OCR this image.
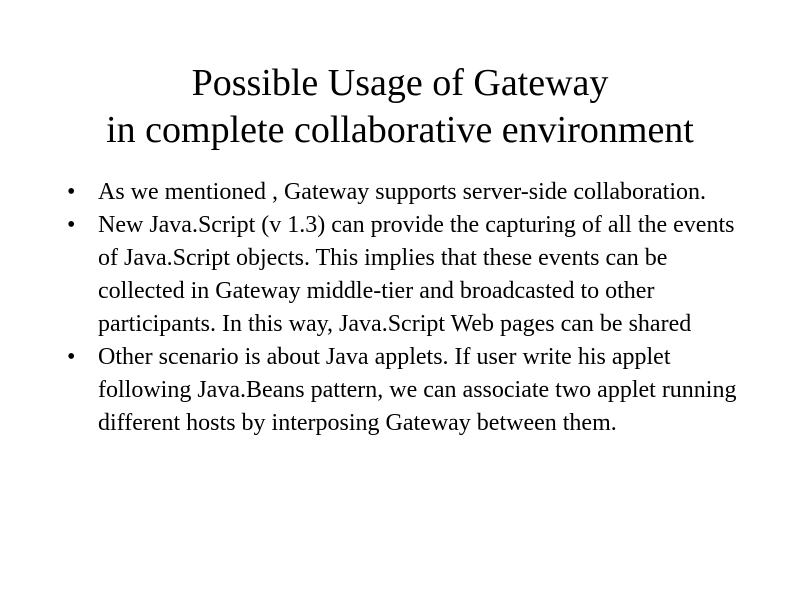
Possible Usage of Gateway
in complete collaborative environment
• As we mentioned , Gateway supports server-side collaboration.
• New Java.Script (v 1.3) can provide the capturing of all the events of Java.Script objects. This implies that these events can be collected in Gateway middle-tier and broadcasted to other participants. In this way, Java.Script Web pages can be shared
• Other scenario is about Java applets. If user write his applet following Java.Beans pattern, we can associate two applet running different hosts by interposing Gateway between them.
